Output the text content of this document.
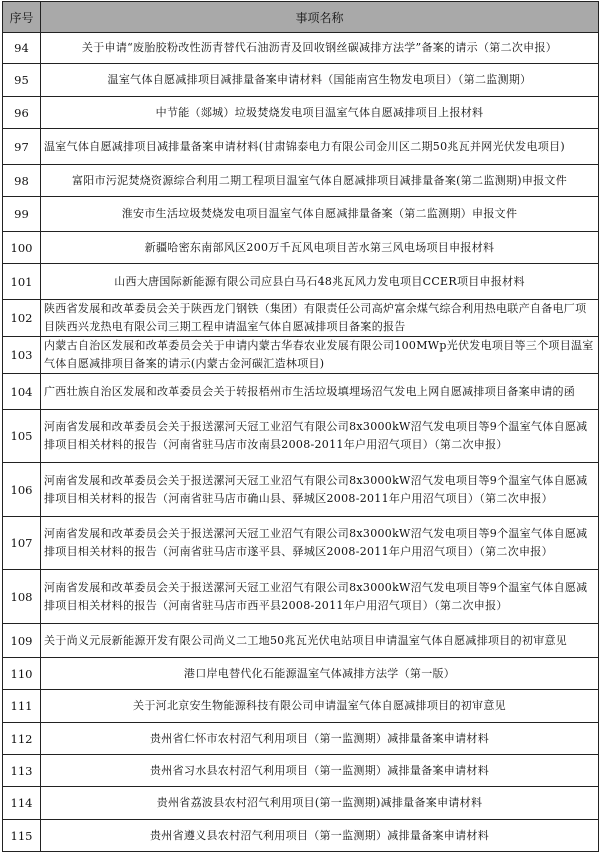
序号	事项名称
94	关于申请“废胎胶粉改性沥青替代石油沥青及回收钢丝碳减排方法学”备案的请示（第二次申报）
95	温室气体自愿减排项目减排量备案申请材料（国能南宫生物发电项目）（第二监测期）
96	中节能（郯城）垃圾焚烧发电项目温室气体自愿减排项目上报材料
97	温室气体自愿减排项目减排量备案申请材料(甘肃锦泰电力有限公司金川区二期50兆瓦并网光伏发电项目)
98	富阳市污泥焚烧资源综合利用二期工程项目温室气体自愿减排项目减排量备案(第二监测期)申报文件
99	淮安市生活垃圾焚烧发电项目温室气体自愿减排量备案（第二监测期）申报文件
100	新疆哈密东南部风区200万千瓦风电项目苦水第三风电场项目申报材料
101	山西大唐国际新能源有限公司应县白马石48兆瓦风力发电项目CCER项目申报材料
102	陕西省发展和改革委员会关于陕西龙门钢铁（集团）有限责任公司高炉富余煤气综合利用热电联产自备电厂项目陕西兴龙热电有限公司三期工程申请温室气体自愿减排项目备案的报告
103	内蒙古自治区发展和改革委员会关于申请内蒙古华春农业发展有限公司100MWp光伏发电项目等三个项目温室气体自愿减排项目备案的请示(内蒙古金河碳汇造林项目)
104	广西壮族自治区发展和改革委员会关于转报梧州市生活垃圾填埋场沼气发电上网自愿减排项目备案申请的函
105	河南省发展和改革委员会关于报送漯河天冠工业沼气有限公司8x3000kW沼气发电项目等9个温室气体自愿减排项目相关材料的报告（河南省驻马店市汝南县2008-2011年户用沼气项目）（第二次申报）
106	河南省发展和改革委员会关于报送漯河天冠工业沼气有限公司8x3000kW沼气发电项目等9个温室气体自愿减排项目相关材料的报告（河南省驻马店市确山县、驿城区2008-2011年户用沼气项目）（第二次申报）
107	河南省发展和改革委员会关于报送漯河天冠工业沼气有限公司8x3000kW沼气发电项目等9个温室气体自愿减排项目相关材料的报告（河南省驻马店市遂平县、驿城区2008-2011年户用沼气项目）（第二次申报）
108	河南省发展和改革委员会关于报送漯河天冠工业沼气有限公司8x3000kW沼气发电项目等9个温室气体自愿减排项目相关材料的报告（河南省驻马店市西平县2008-2011年户用沼气项目）（第二次申报）
109	关于尚义元辰新能源开发有限公司尚义二工地50兆瓦光伏电站项目申请温室气体自愿减排项目的初审意见
110	港口岸电替代化石能源温室气体减排方法学（第一版）
111	关于河北京安生物能源科技有限公司申请温室气体自愿减排项目的初审意见
112	贵州省仁怀市农村沼气利用项目（第一监测期）减排量备案申请材料
113	贵州省习水县农村沼气利用项目（第一监测期）减排量备案申请材料
114	贵州省荔波县农村沼气利用项目(第一监测期)减排量备案申请材料
115	贵州省遵义县农村沼气利用项目（第一监测期）减排量备案申请材料
